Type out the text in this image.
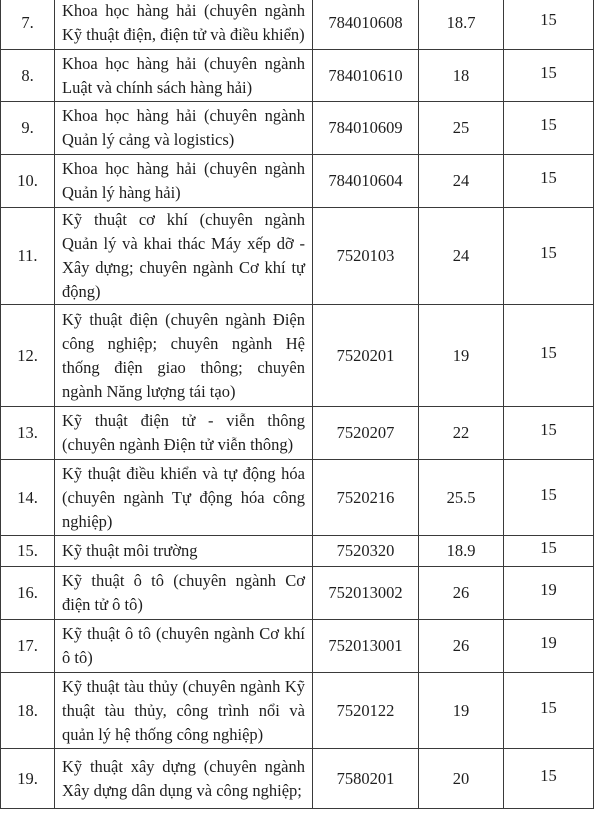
7.	Khoa học hàng hải (chuyên ngành Kỹ thuật điện, điện tử và điều khiển)	784010608	18.7	15
8.	Khoa học hàng hải (chuyên ngành Luật và chính sách hàng hải)	784010610	18	15
9.	Khoa học hàng hải (chuyên ngành Quản lý cảng và logistics)	784010609	25	15
10.	Khoa học hàng hải (chuyên ngành Quản lý hàng hải)	784010604	24	15
11.	Kỹ thuật cơ khí (chuyên ngành Quản lý và khai thác Máy xếp dỡ - Xây dựng; chuyên ngành Cơ khí tự động)	7520103	24	15
12.	Kỹ thuật điện (chuyên ngành Điện công nghiệp; chuyên ngành Hệ thống điện giao thông; chuyên ngành Năng lượng tái tạo)	7520201	19	15
13.	Kỹ thuật điện tử - viễn thông (chuyên ngành Điện tử viễn thông)	7520207	22	15
14.	Kỹ thuật điều khiển và tự động hóa (chuyên ngành Tự động hóa công nghiệp)	7520216	25.5	15
15.	Kỹ thuật môi trường	7520320	18.9	15
16.	Kỹ thuật ô tô (chuyên ngành Cơ điện tử ô tô)	752013002	26	19
17.	Kỹ thuật ô tô (chuyên ngành Cơ khí ô tô)	752013001	26	19
18.	Kỹ thuật tàu thủy (chuyên ngành Kỹ thuật tàu thủy, công trình nổi và quản lý hệ thống công nghiệp)	7520122	19	15
19.	Kỹ thuật xây dựng (chuyên ngành Xây dựng dân dụng và công nghiệp;	7580201	20	15
